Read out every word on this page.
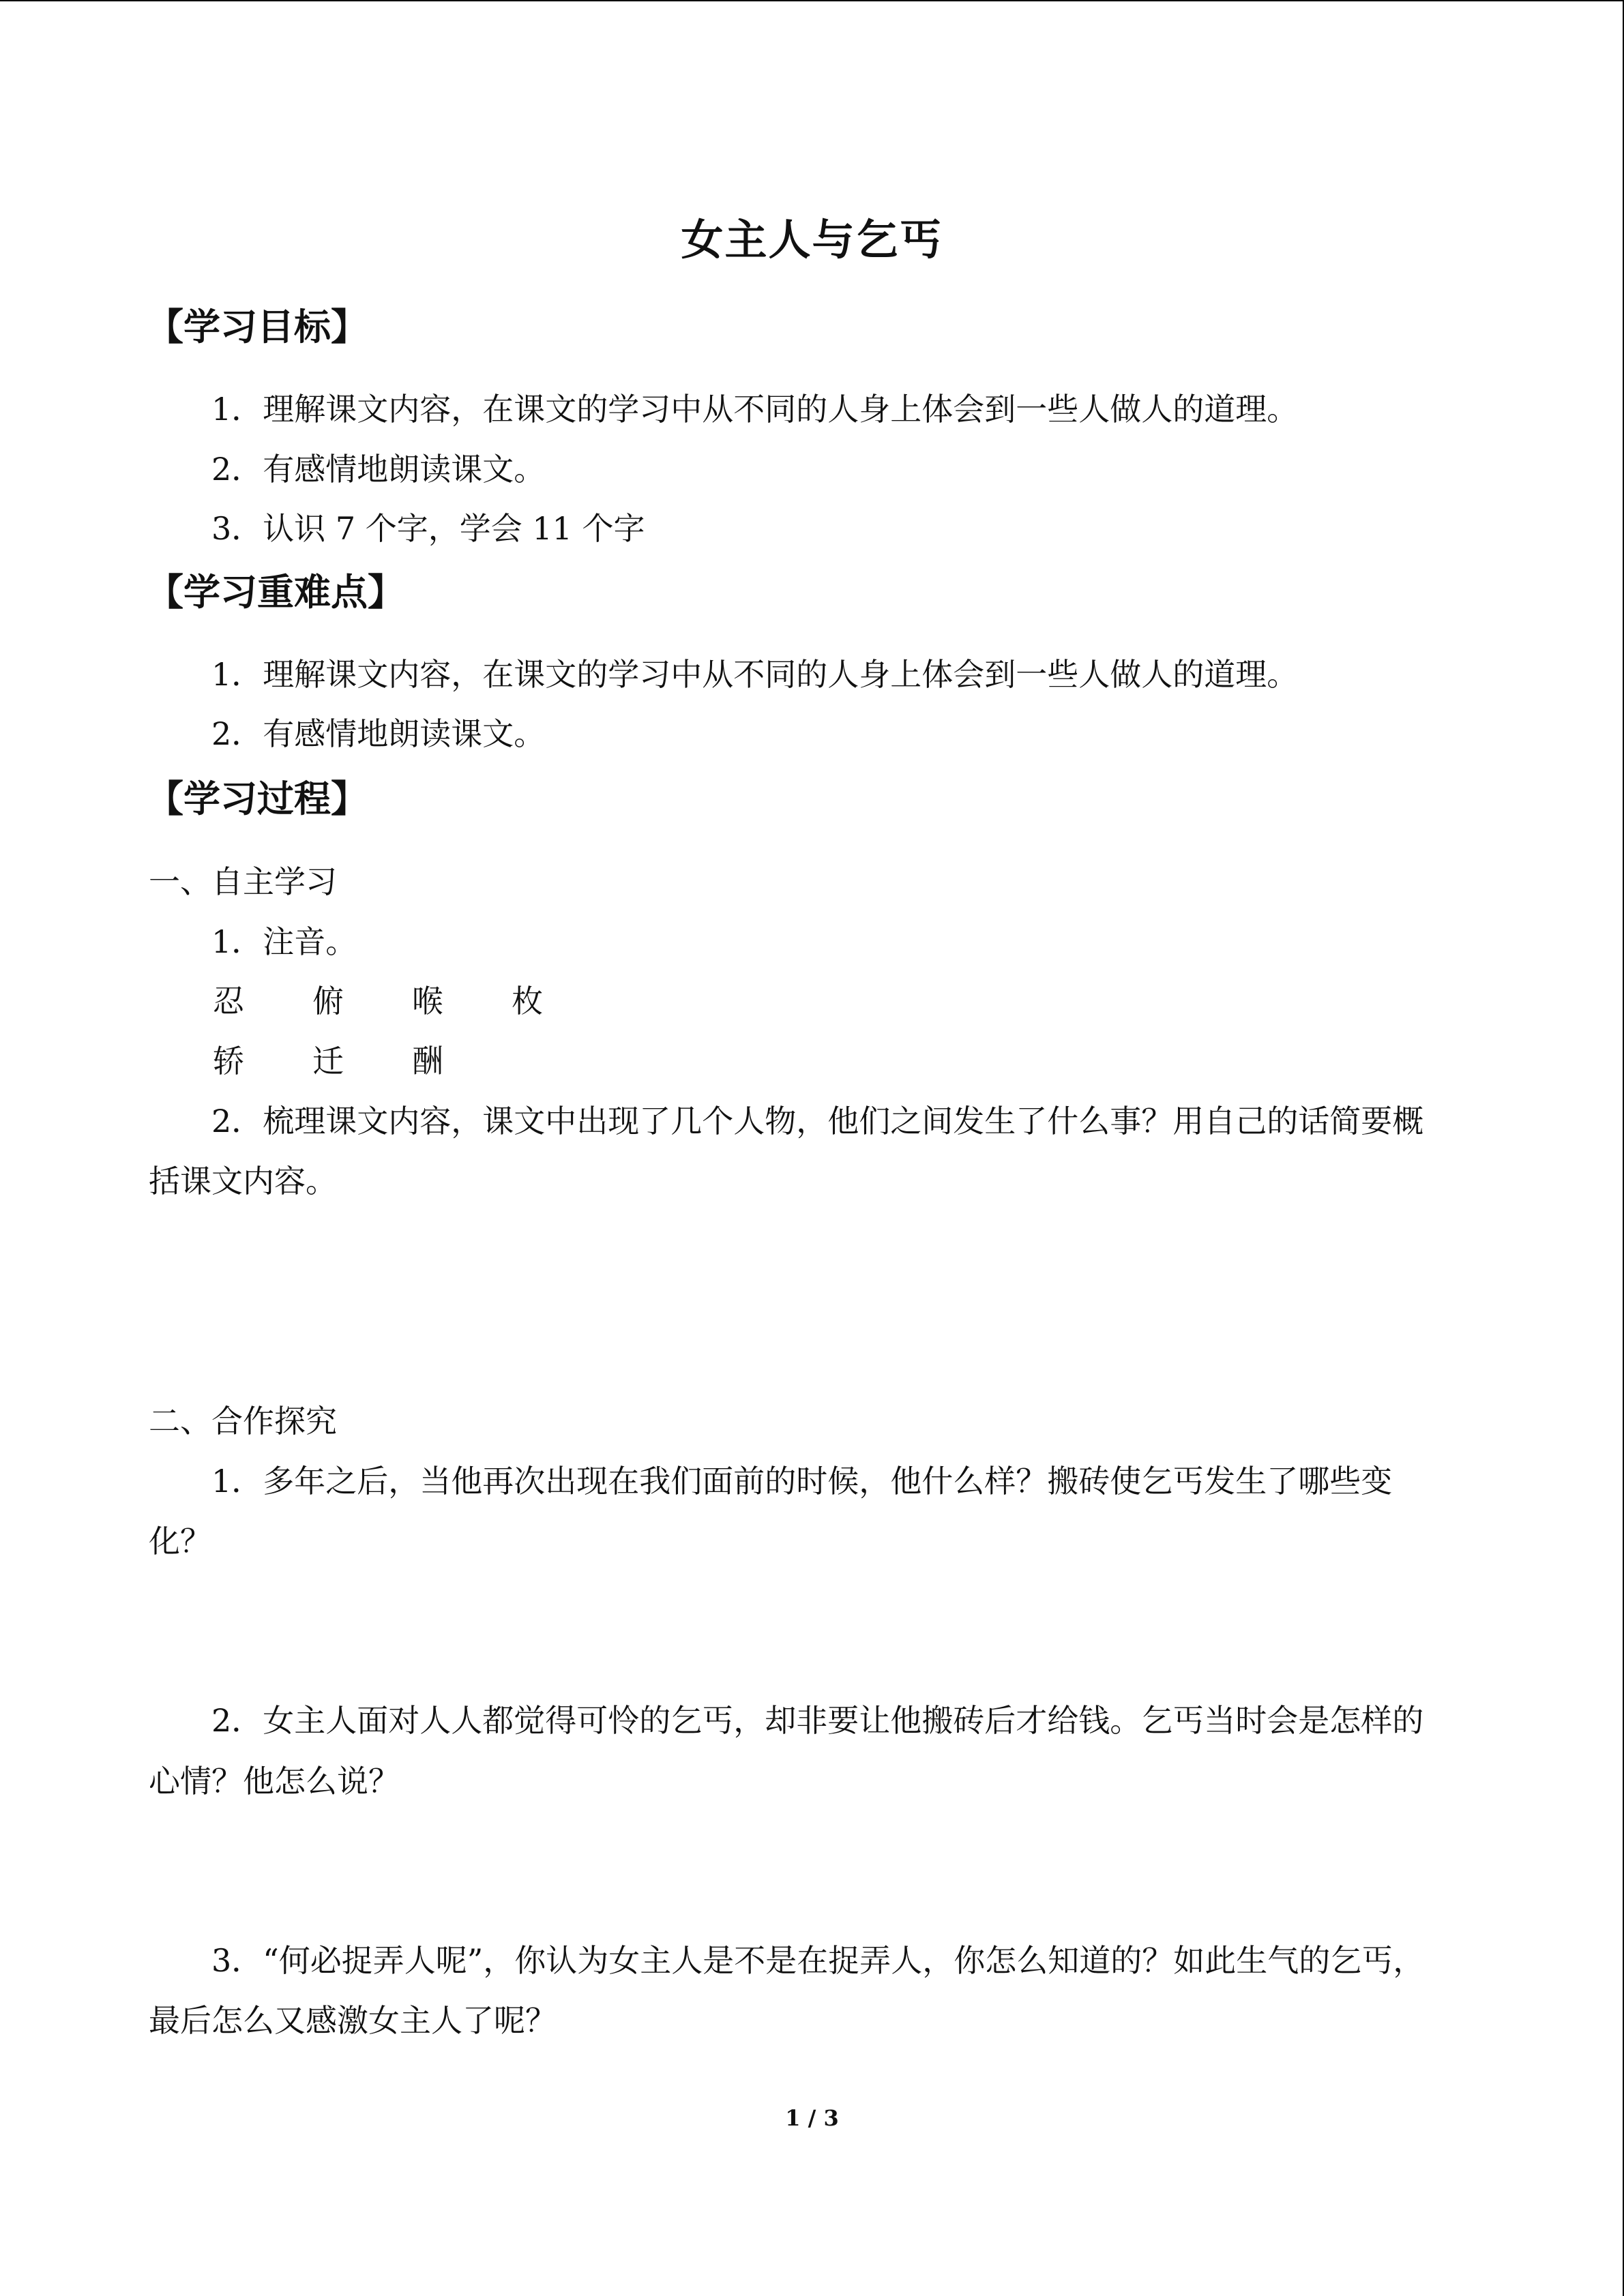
女主人与乞丐
【学习目标】
1．理解课文内容，在课文的学习中从不同的人身上体会到一些人做人的道理。
2．有感情地朗读课文。
3．认识 7 个字，学会 11 个字
【学习重难点】
1．理解课文内容，在课文的学习中从不同的人身上体会到一些人做人的道理。
2．有感情地朗读课文。
【学习过程】
一、自主学习
1．注音。
忍 俯 喉 枚
轿 迁 酬
2．梳理课文内容，课文中出现了几个人物，他们之间发生了什么事？用自己的话简要概
括课文内容。
二、合作探究
1．多年之后，当他再次出现在我们面前的时候，他什么样？搬砖使乞丐发生了哪些变
化？
2．女主人面对人人都觉得可怜的乞丐，却非要让他搬砖后才给钱。乞丐当时会是怎样的
心情？他怎么说？
3．“何必捉弄人呢”，你认为女主人是不是在捉弄人，你怎么知道的？如此生气的乞丐，
最后怎么又感激女主人了呢？
1 / 3
